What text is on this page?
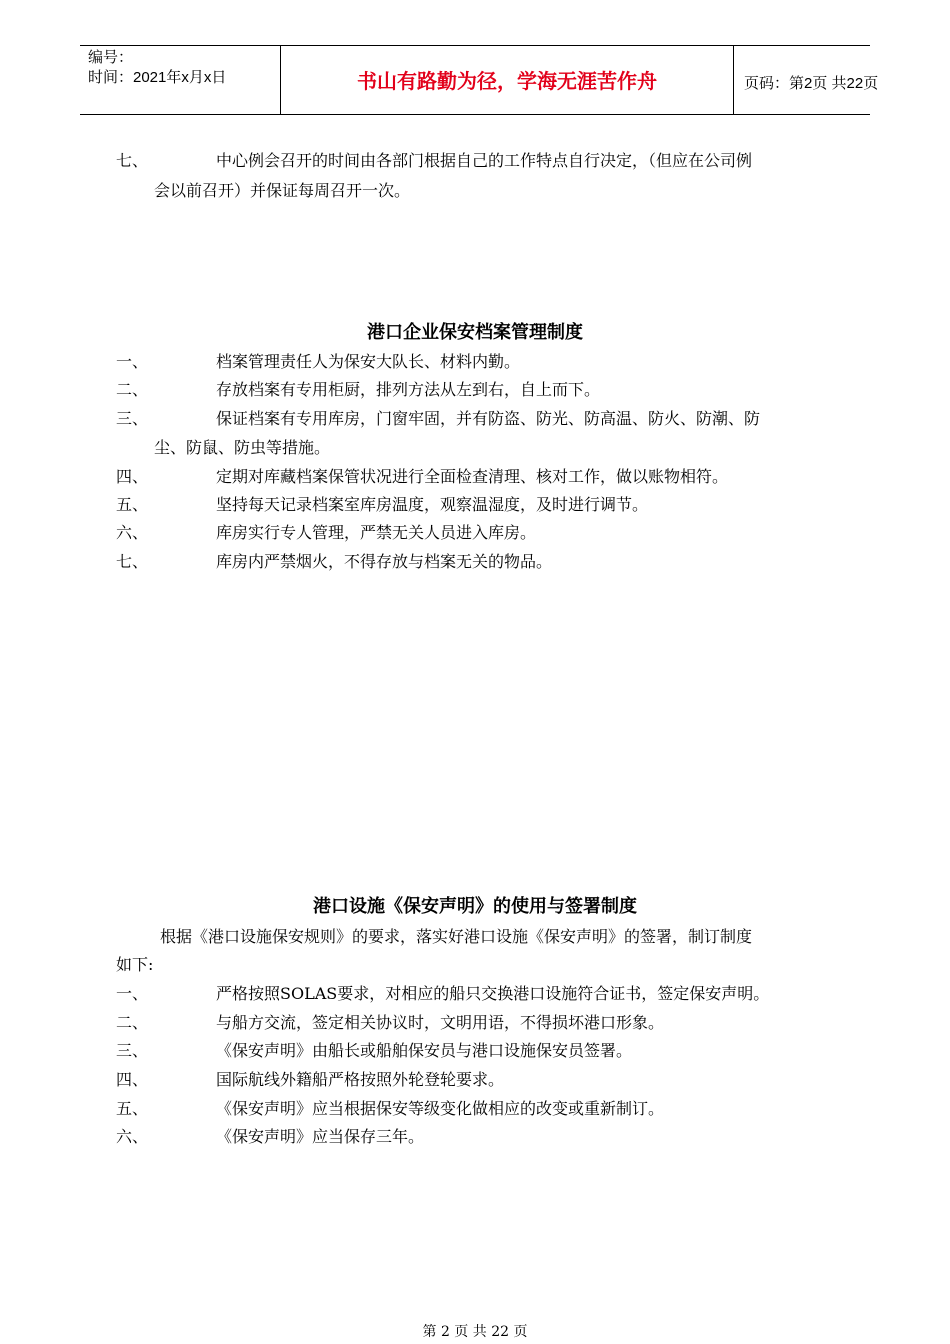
编号：
时间：2021年x月x日	书山有路勤为径，学海无涯苦作舟	页码：第2页 共22页
七、	中心例会召开的时间由各部门根据自己的工作特点自行决定，（但应在公司例
会以前召开）并保证每周召开一次。
港口企业保安档案管理制度
一、	档案管理责任人为保安大队长、材料内勤。
二、	存放档案有专用柜厨，排列方法从左到右，自上而下。
三、	保证档案有专用库房，门窗牢固，并有防盗、防光、防高温、防火、防潮、防
尘、防鼠、防虫等措施。
四、	定期对库藏档案保管状况进行全面检查清理、核对工作，做以账物相符。
五、	坚持每天记录档案室库房温度，观察温湿度，及时进行调节。
六、	库房实行专人管理，严禁无关人员进入库房。
七、	库房内严禁烟火，不得存放与档案无关的物品。
港口设施《保安声明》的使用与签署制度
根据《港口设施保安规则》的要求，落实好港口设施《保安声明》的签署，制订制度
如下:
一、	严格按照SOLAS要求，对相应的船只交换港口设施符合证书，签定保安声明。
二、	与船方交流，签定相关协议时，文明用语，不得损坏港口形象。
三、	《保安声明》由船长或船舶保安员与港口设施保安员签署。
四、	国际航线外籍船严格按照外轮登轮要求。
五、	《保安声明》应当根据保安等级变化做相应的改变或重新制订。
六、	《保安声明》应当保存三年。
第 2 页 共 22 页
